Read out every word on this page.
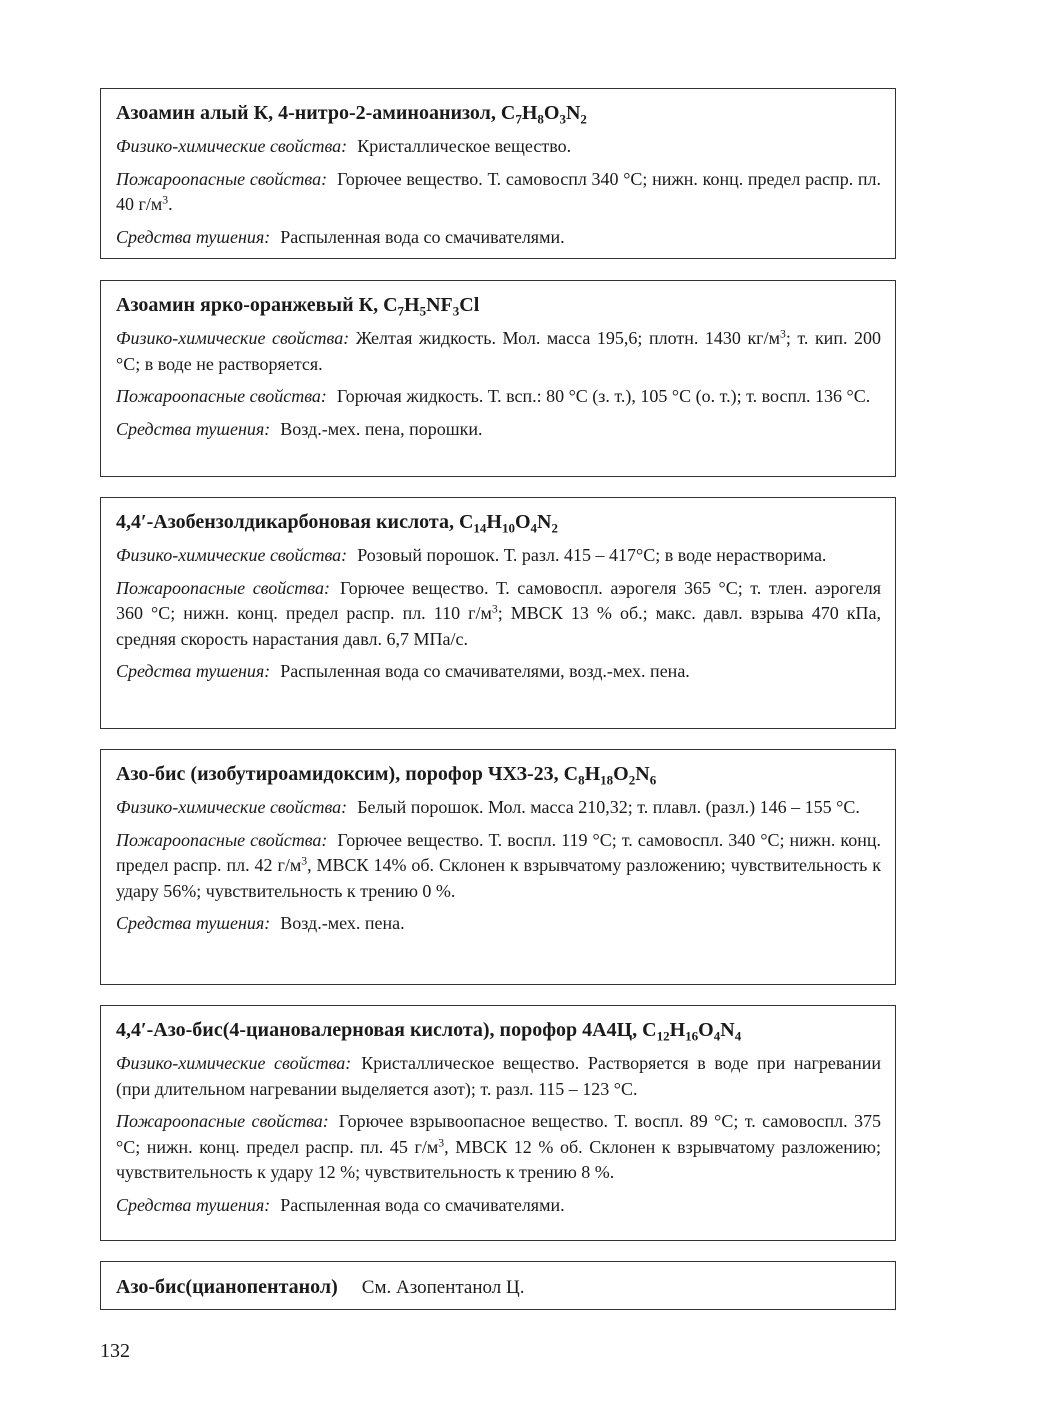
Азоамин алый К, 4-нитро-2-аминоанизол, $C_7H_8O_3N_2$

Физико-химические свойства: Кристаллическое вещество.

Пожароопасные свойства: Горючее вещество. Т. самовоспл 340 °С; нижн. конц. предел распр. пл. 40 $г/м^3$.

Средства тушения: Распыленная вода со смачивателями.

Азоамин ярко-оранжевый К, $C_7H_5NF_3Cl$

Физико-химические свойства: Желтая жидкость. Мол. масса 195,6; плотн. 1430 $кг/м^3$; т. кип. 200 °С; в воде не растворяется.

Пожароопасные свойства: Горючая жидкость. Т. всп.: 80 °С (з. т.), 105 °С (о. т.); т. воспл. 136 °С.

Средства тушения: Возд.-мех. пена, порошки.

4,4′-Азобензолдикарбоновая кислота, $C_{14}H_{10}O_4N_2$

Физико-химические свойства: Розовый порошок. Т. разл. 415 – 417°С; в воде нерастворима.

Пожароопасные свойства: Горючее вещество. Т. самовоспл. аэрогеля 365 °С; т. тлен. аэрогеля 360 °С; нижн. конц. предел распр. пл. 110 $г/м^3$; МВСК 13 % об.; макс. давл. взрыва 470 кПа, средняя скорость нарастания давл. 6,7 МПа/с.

Средства тушения: Распыленная вода со смачивателями, возд.-мех. пена.

Азо-бис (изобутироамидоксим), порофор ЧХЗ-23, $C_8H_{18}O_2N_6$

Физико-химические свойства: Белый порошок. Мол. масса 210,32; т. плавл. (разл.) 146 – 155 °С.

Пожароопасные свойства: Горючее вещество. Т. воспл. 119 °С; т. самовоспл. 340 °С; нижн. конц. предел распр. пл. 42 $г/м^3$, МВСК 14% об. Склонен к взрывчатому разложению; чувствительность к удару 56%; чувствительность к трению 0 %.

Средства тушения: Возд.-мех. пена.

4,4′-Азо-бис(4-циановалерновая кислота), порофор 4А4Ц, $C_{12}H_{16}O_4N_4$

Физико-химические свойства: Кристаллическое вещество. Растворяется в воде при нагревании (при длительном нагревании выделяется азот); т. разл. 115 – 123 °С.

Пожароопасные свойства: Горючее взрывоопасное вещество. Т. воспл. 89 °С; т. самовоспл. 375 °С; нижн. конц. предел распр. пл. 45 $г/м^3$, МВСК 12 % об. Склонен к взрывчатому разложению; чувствительность к удару 12 %; чувствительность к трению 8 %.

Средства тушения: Распыленная вода со смачивателями.

Азо-бис(цианопентанол) См. Азопентанол Ц.
132
